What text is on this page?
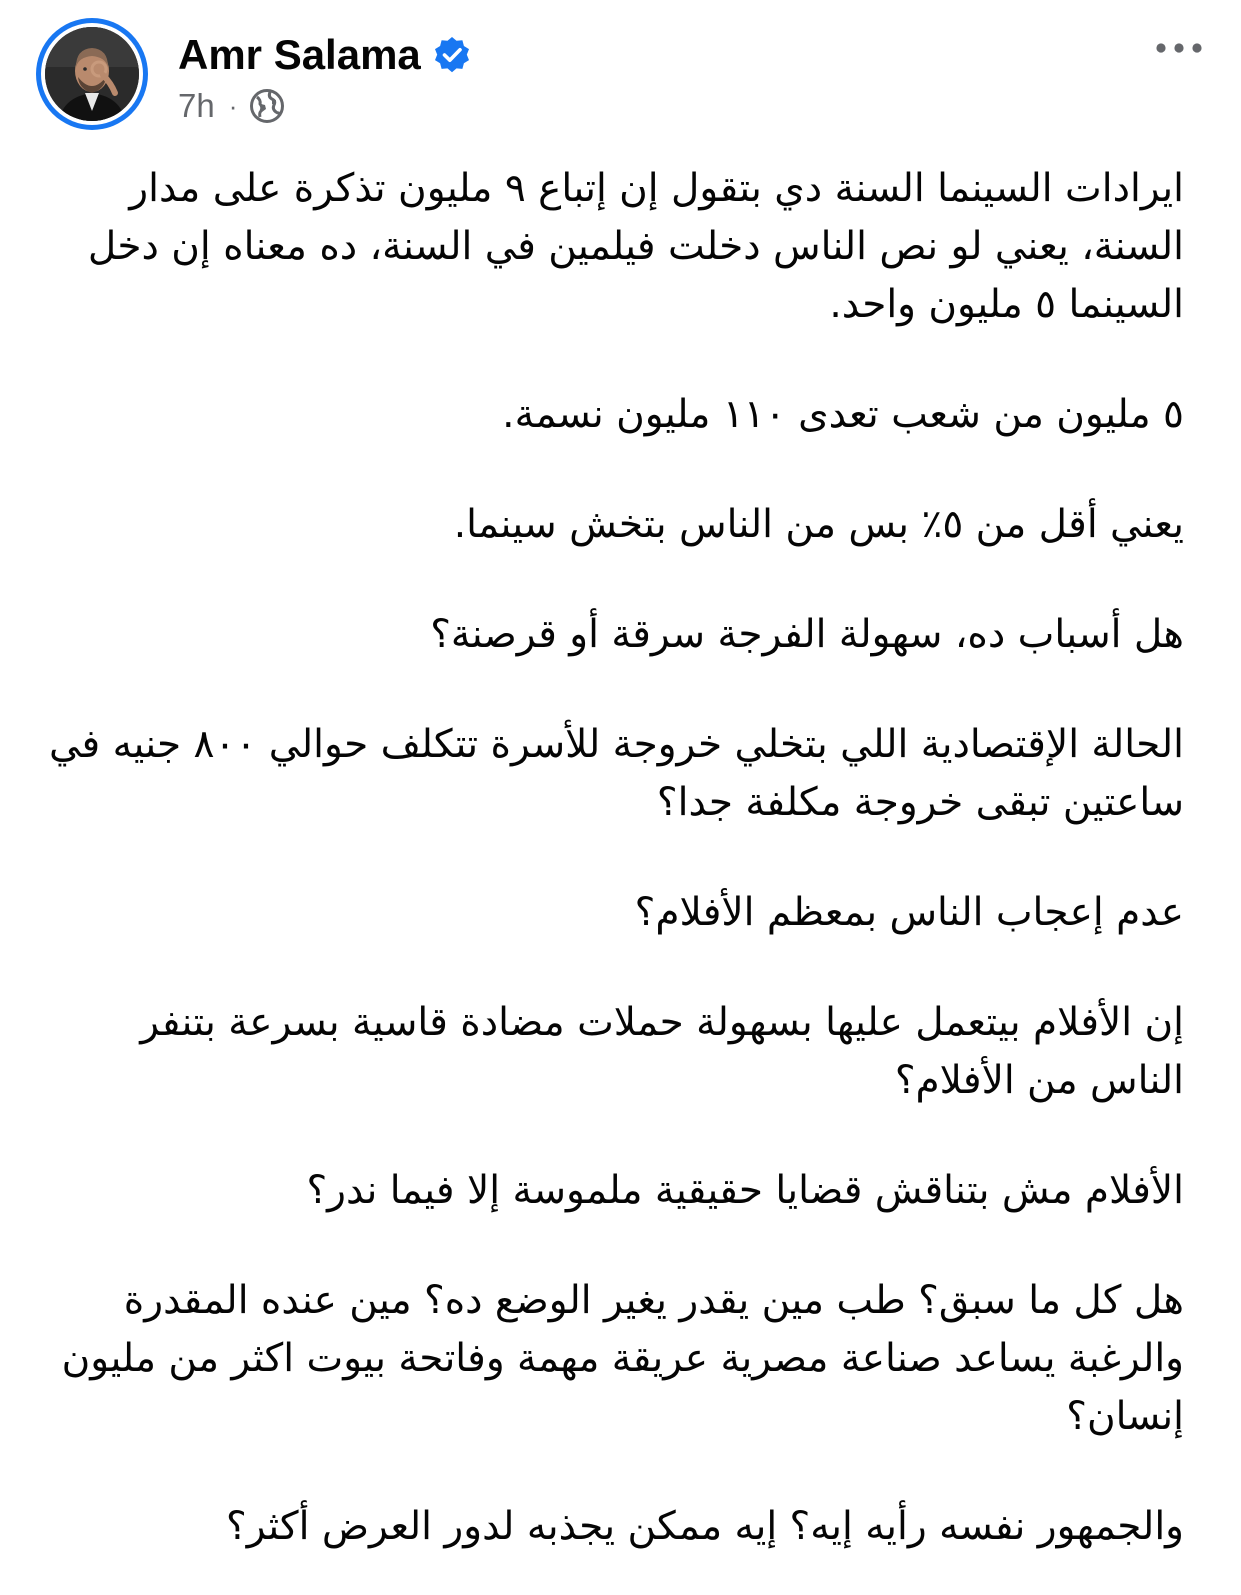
Amr Salama
7h ·

ايرادات السينما السنة دي بتقول إن إتباع ٩ مليون تذكرة على مدار السنة، يعني لو نص الناس دخلت فيلمين في السنة، ده معناه إن دخل السينما ٥ مليون واحد.

٥ مليون من شعب تعدى ١١٠ مليون نسمة.

يعني أقل من ٥٪ بس من الناس بتخش سينما.

هل أسباب ده، سهولة الفرجة سرقة أو قرصنة؟

الحالة الإقتصادية اللي بتخلي خروجة للأسرة تتكلف حوالي ٨٠٠ جنيه في ساعتين تبقى خروجة مكلفة جدا؟

عدم إعجاب الناس بمعظم الأفلام؟

إن الأفلام بيتعمل عليها بسهولة حملات مضادة قاسية بسرعة بتنفر الناس من الأفلام؟

الأفلام مش بتناقش قضايا حقيقية ملموسة إلا فيما ندر؟

هل كل ما سبق؟ طب مين يقدر يغير الوضع ده؟ مين عنده المقدرة والرغبة يساعد صناعة مصرية عريقة مهمة وفاتحة بيوت اكثر من مليون إنسان؟

والجمهور نفسه رأيه إيه؟ إيه ممكن يجذبه لدور العرض أكثر؟
